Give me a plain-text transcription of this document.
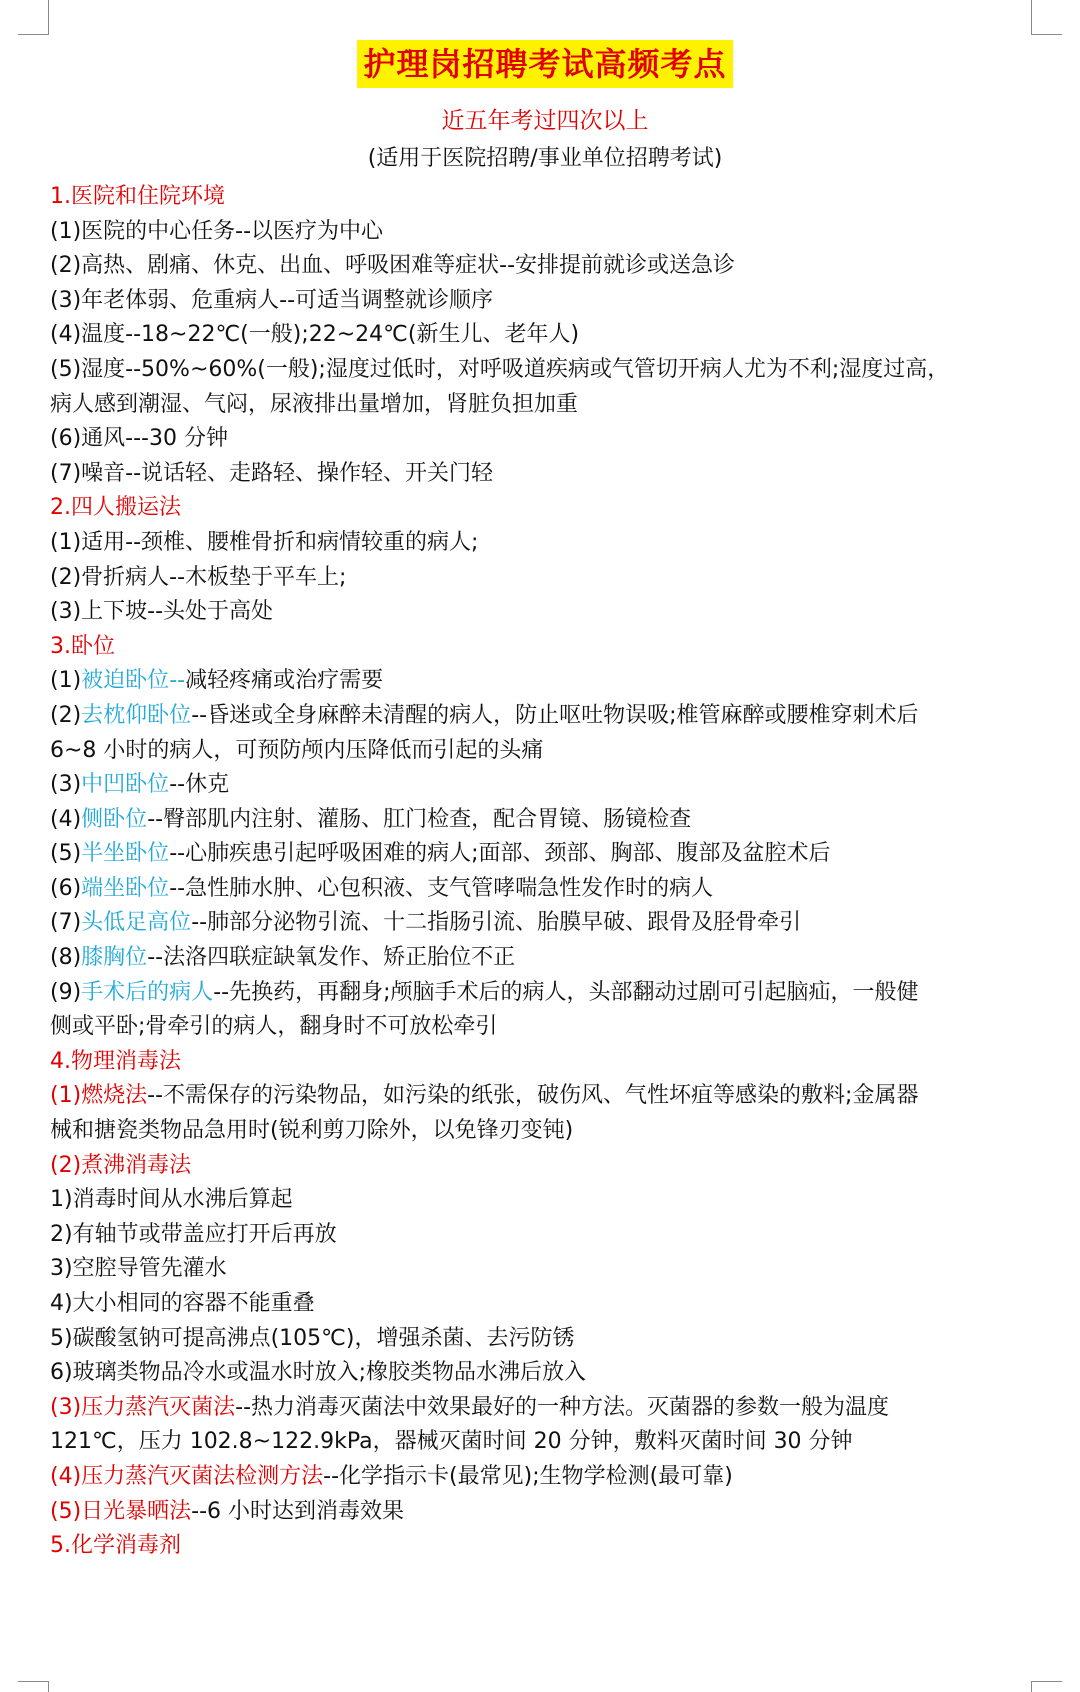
护理岗招聘考试高频考点
近五年考过四次以上
(适用于医院招聘/事业单位招聘考试)
1.医院和住院环境
(1)医院的中心任务--以医疗为中心
(2)高热、剧痛、休克、出血、呼吸困难等症状--安排提前就诊或送急诊
(3)年老体弱、危重病人--可适当调整就诊顺序
(4)温度--18~22℃(一般);22~24℃(新生儿、老年人)
(5)湿度--50%~60%(一般);湿度过低时，对呼吸道疾病或气管切开病人尤为不利;湿度过高，
病人感到潮湿、气闷，尿液排出量增加，肾脏负担加重
(6)通风---30 分钟
(7)噪音--说话轻、走路轻、操作轻、开关门轻
2.四人搬运法
(1)适用--颈椎、腰椎骨折和病情较重的病人;
(2)骨折病人--木板垫于平车上;
(3)上下坡--头处于高处
3.卧位
(1)被迫卧位--减轻疼痛或治疗需要
(2)去枕仰卧位--昏迷或全身麻醉未清醒的病人，防止呕吐物误吸;椎管麻醉或腰椎穿刺术后
6~8 小时的病人，可预防颅内压降低而引起的头痛
(3)中凹卧位--休克
(4)侧卧位--臀部肌内注射、灌肠、肛门检查，配合胃镜、肠镜检查
(5)半坐卧位--心肺疾患引起呼吸困难的病人;面部、颈部、胸部、腹部及盆腔术后
(6)端坐卧位--急性肺水肿、心包积液、支气管哮喘急性发作时的病人
(7)头低足高位--肺部分泌物引流、十二指肠引流、胎膜早破、跟骨及胫骨牵引
(8)膝胸位--法洛四联症缺氧发作、矫正胎位不正
(9)手术后的病人--先换药，再翻身;颅脑手术后的病人，头部翻动过剧可引起脑疝，一般健
侧或平卧;骨牵引的病人，翻身时不可放松牵引
4.物理消毒法
(1)燃烧法--不需保存的污染物品，如污染的纸张，破伤风、气性坏疽等感染的敷料;金属器
械和搪瓷类物品急用时(锐利剪刀除外，以免锋刃变钝)
(2)煮沸消毒法
1)消毒时间从水沸后算起
2)有轴节或带盖应打开后再放
3)空腔导管先灌水
4)大小相同的容器不能重叠
5)碳酸氢钠可提高沸点(105℃)，增强杀菌、去污防锈
6)玻璃类物品冷水或温水时放入;橡胶类物品水沸后放入
(3)压力蒸汽灭菌法--热力消毒灭菌法中效果最好的一种方法。灭菌器的参数一般为温度
121℃，压力 102.8~122.9kPa，器械灭菌时间 20 分钟，敷料灭菌时间 30 分钟
(4)压力蒸汽灭菌法检测方法--化学指示卡(最常见);生物学检测(最可靠)
(5)日光暴晒法--6 小时达到消毒效果
5.化学消毒剂
